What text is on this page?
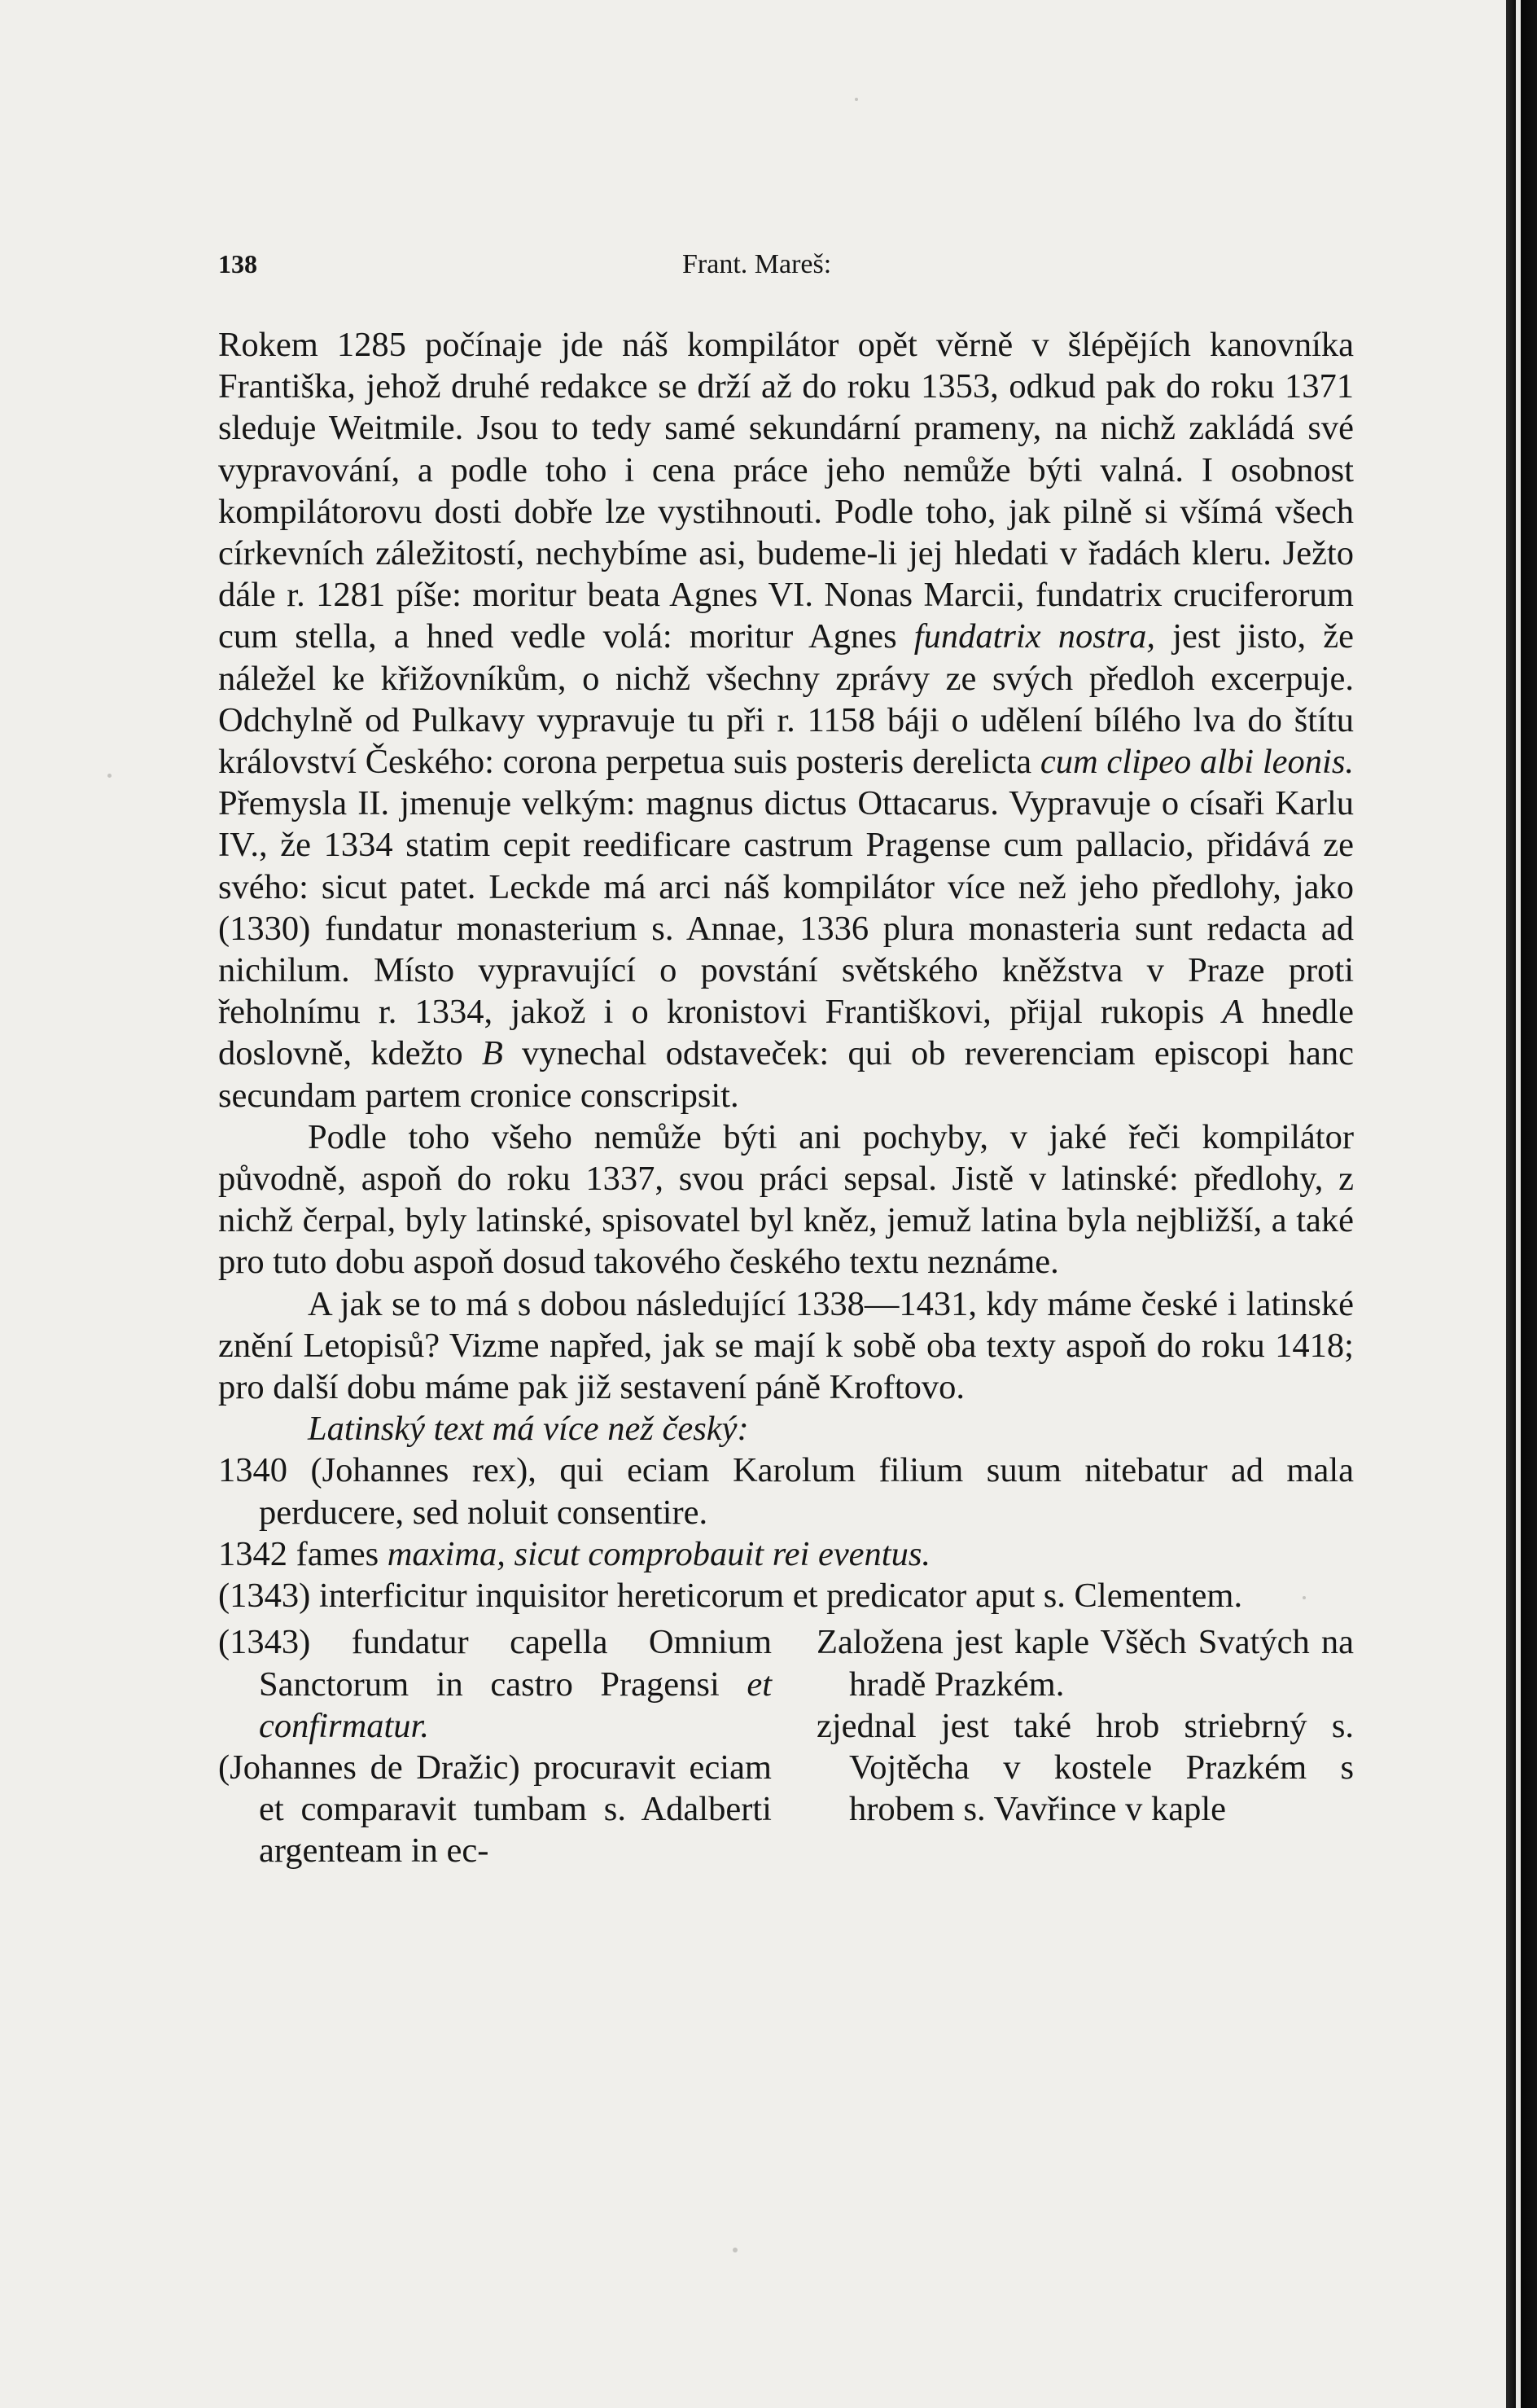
138	Frant. Mareš:

Rokem 1285 počínaje jde náš kompilátor opět věrně v šlépějích kanovníka Františka, jehož druhé redakce se drží až do roku 1353, odkud pak do roku 1371 sleduje Weitmile. Jsou to tedy samé sekundární prameny, na nichž zakládá své vypravování, a podle toho i cena práce jeho nemůže býti valná. I osobnost kompilátorovu dosti dobře lze vystihnouti. Podle toho, jak pilně si všímá všech církevních záležitostí, nechybíme asi, budeme-li jej hledati v řadách kleru. Ježto dále r. 1281 píše: moritur beata Agnes VI. Nonas Marcii, fundatrix cruciferorum cum stella, a hned vedle volá: moritur Agnes fundatrix nostra, jest jisto, že náležel ke křižovníkům, o nichž všechny zprávy ze svých předloh excerpuje. Odchylně od Pulkavy vypravuje tu při r. 1158 báji o udělení bílého lva do štítu království Českého: corona perpetua suis posteris derelicta cum clipeo albi leonis. Přemysla II. jmenuje velkým: magnus dictus Ottacarus. Vypravuje o císaři Karlu IV., že 1334 statim cepit reedificare castrum Pragense cum pallacio, přidává ze svého: sicut patet. Leckde má arci náš kompilátor více než jeho předlohy, jako (1330) fundatur monasterium s. Annae, 1336 plura monasteria sunt redacta ad nichilum. Místo vypravující o povstání světského kněžstva v Praze proti řeholnímu r. 1334, jakož i o kronistovi Františkovi, přijal rukopis A hnedle doslovně, kdežto B vynechal odstaveček: qui ob reverenciam episcopi hanc secundam partem cronice conscripsit.

Podle toho všeho nemůže býti ani pochyby, v jaké řeči kompilátor původně, aspoň do roku 1337, svou práci sepsal. Jistě v latinské: předlohy, z nichž čerpal, byly latinské, spisovatel byl kněz, jemuž latina byla nejbližší, a také pro tuto dobu aspoň dosud takového českého textu neznáme.

A jak se to má s dobou následující 1338—1431, kdy máme české i latinské znění Letopisů? Vizme napřed, jak se mají k sobě oba texty aspoň do roku 1418; pro další dobu máme pak již sestavení páně Kroftovo.

Latinský text má více než český:

1340 (Johannes rex), qui eciam Karolum filium suum nitebatur ad mala perducere, sed noluit consentire.

1342 fames maxima, sicut comprobauit rei eventus.

(1343) interficitur inquisitor hereticorum et predicator aput s. Clementem.

(1343) fundatur capella Omnium Sanctorum in castro Pragensi et confirmatur.

(Johannes de Dražic) procuravit eciam et comparavit tumbam s. Adalberti argenteam in ec-

Založena jest kaple Všěch Svatých na hradě Prazkém.

zjednal jest také hrob striebrný s. Vojtěcha v kostele Prazkém s hrobem s. Vavřince v kaple
